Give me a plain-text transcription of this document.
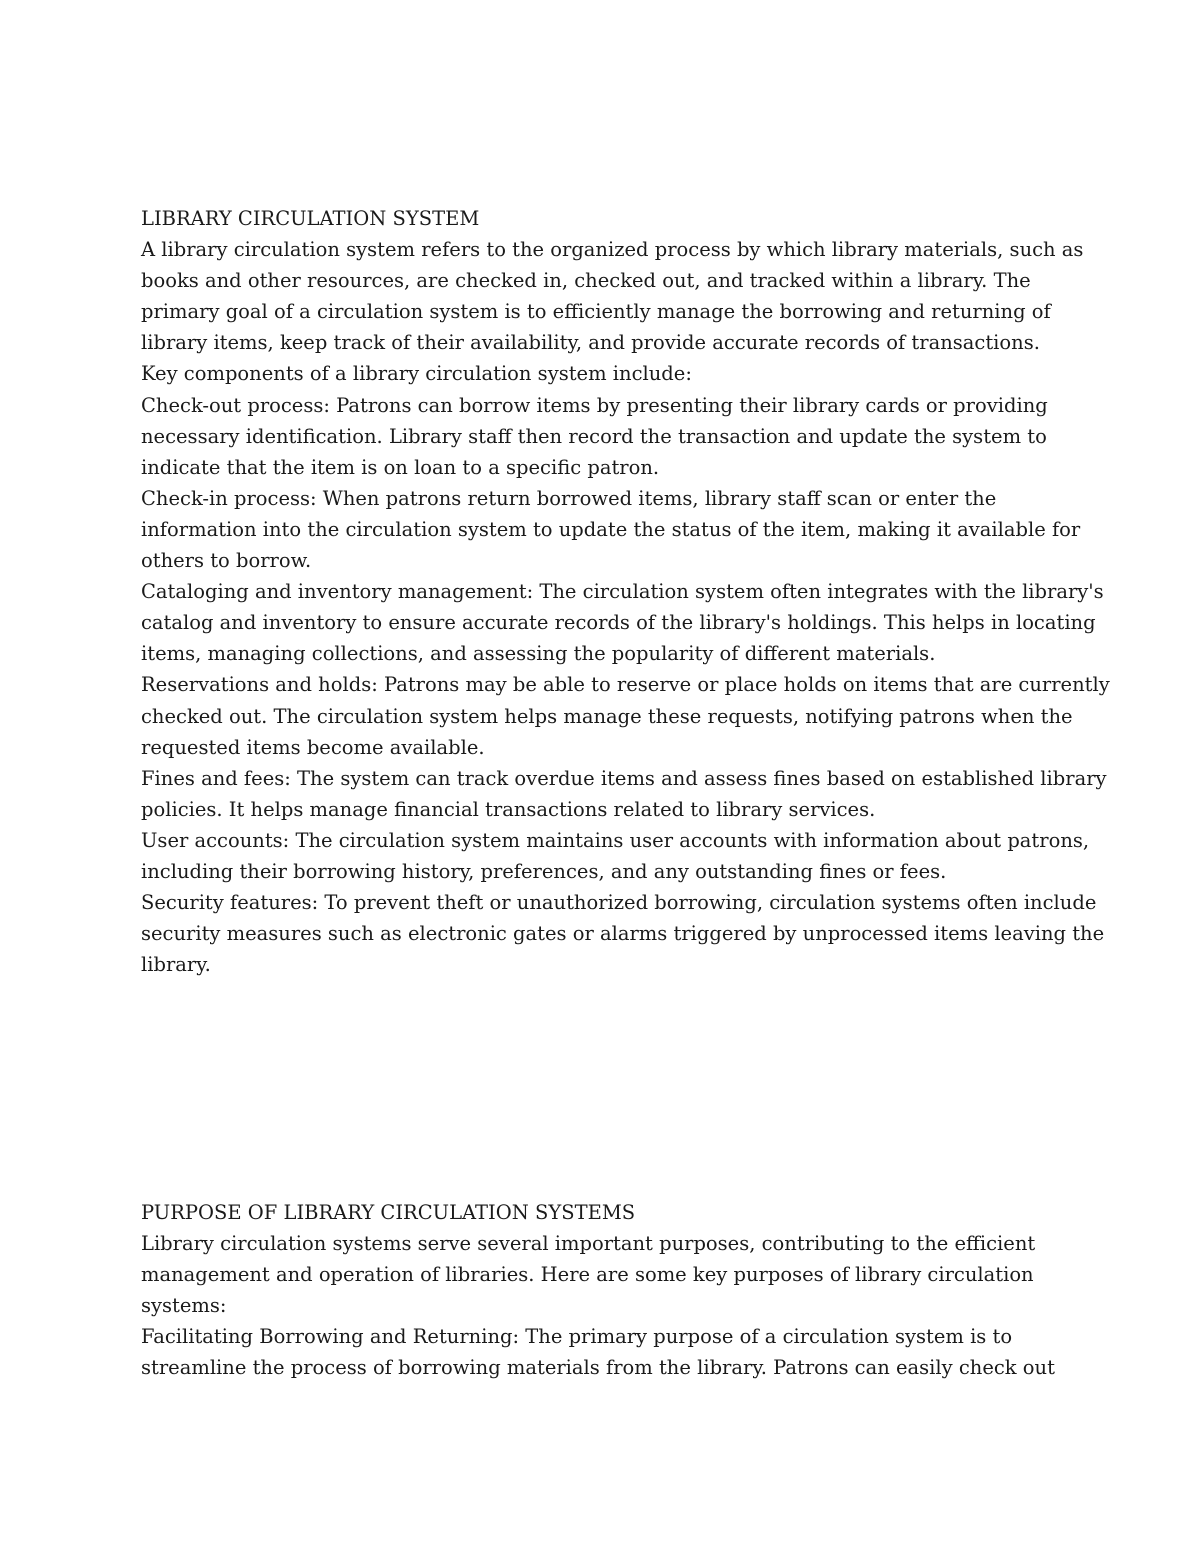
LIBRARY CIRCULATION SYSTEM
A library circulation system refers to the organized process by which library materials, such as
books and other resources, are checked in, checked out, and tracked within a library. The
primary goal of a circulation system is to efficiently manage the borrowing and returning of
library items, keep track of their availability, and provide accurate records of transactions.
Key components of a library circulation system include:
Check-out process: Patrons can borrow items by presenting their library cards or providing
necessary identification. Library staff then record the transaction and update the system to
indicate that the item is on loan to a specific patron.
Check-in process: When patrons return borrowed items, library staff scan or enter the
information into the circulation system to update the status of the item, making it available for
others to borrow.
Cataloging and inventory management: The circulation system often integrates with the library's
catalog and inventory to ensure accurate records of the library's holdings. This helps in locating
items, managing collections, and assessing the popularity of different materials.
Reservations and holds: Patrons may be able to reserve or place holds on items that are currently
checked out. The circulation system helps manage these requests, notifying patrons when the
requested items become available.
Fines and fees: The system can track overdue items and assess fines based on established library
policies. It helps manage financial transactions related to library services.
User accounts: The circulation system maintains user accounts with information about patrons,
including their borrowing history, preferences, and any outstanding fines or fees.
Security features: To prevent theft or unauthorized borrowing, circulation systems often include
security measures such as electronic gates or alarms triggered by unprocessed items leaving the
library.
PURPOSE OF LIBRARY CIRCULATION SYSTEMS
Library circulation systems serve several important purposes, contributing to the efficient
management and operation of libraries. Here are some key purposes of library circulation
systems:
Facilitating Borrowing and Returning: The primary purpose of a circulation system is to
streamline the process of borrowing materials from the library. Patrons can easily check out
